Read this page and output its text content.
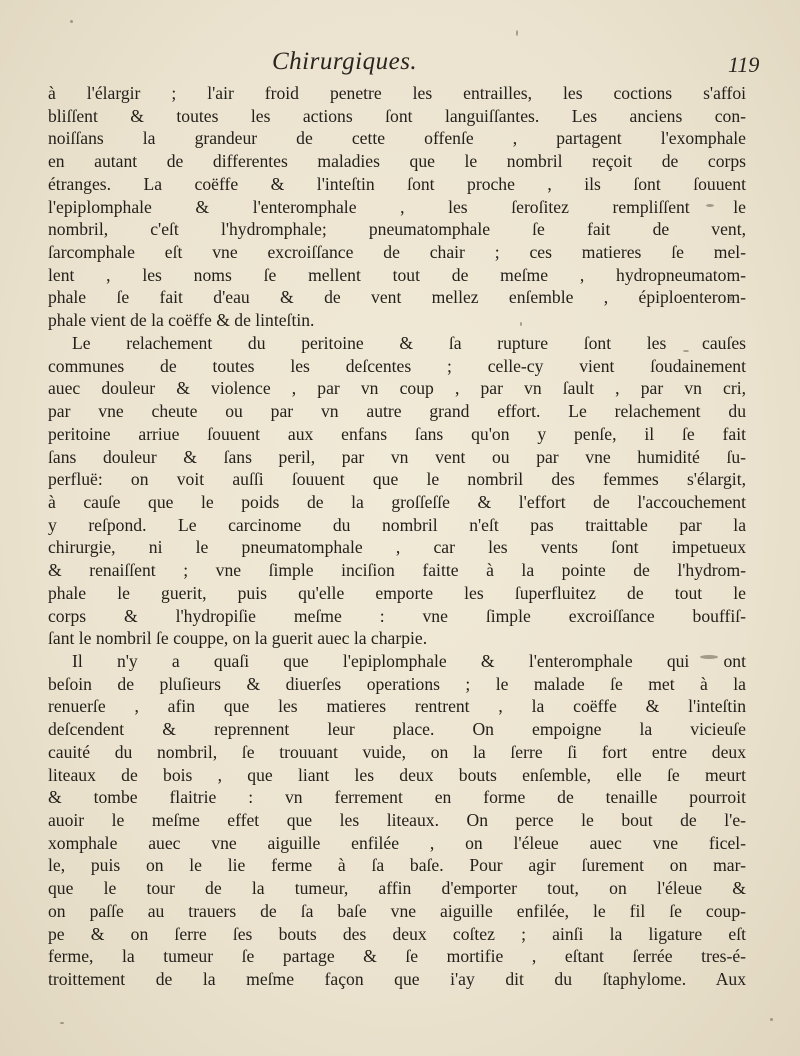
Chirurgiques.	119
à l'élargir ; l'air froid penetre les entrailles, les coctions s'affoi
bliſſent & toutes les actions ſont languiſſantes. Les anciens con-
noiſſans la grandeur de cette offenſe , partagent l'exomphale
en autant de differentes maladies que le nombril reçoit de corps
étranges. La coëffe & l'inteſtin ſont proche , ils ſont ſouuent
l'epiplomphale & l'enteromphale , les ſeroſitez rempliſſent le
nombril, c'eſt l'hydromphale; pneumatomphale ſe fait de vent,
ſarcomphale eſt vne excroiſſance de chair ; ces matieres ſe mel-
lent , les noms ſe mellent tout de meſme , hydropneumatom-
phale ſe fait d'eau & de vent mellez enſemble , épiploenterom-
phale vient de la coëffe & de linteſtin.
Le relachement du peritoine & ſa rupture ſont les cauſes
communes de toutes les deſcentes ; celle-cy vient ſoudainement
auec douleur & violence , par vn coup , par vn ſault , par vn cri,
par vne cheute ou par vn autre grand effort. Le relachement du
peritoine arriue ſouuent aux enfans ſans qu'on y penſe, il ſe fait
ſans douleur & ſans peril, par vn vent ou par vne humidité ſu-
perfluë: on voit auſſi ſouuent que le nombril des femmes s'élargit,
à cauſe que le poids de la groſſeſſe & l'effort de l'accouchement
y reſpond. Le carcinome du nombril n'eſt pas traittable par la
chirurgie, ni le pneumatomphale , car les vents ſont impetueux
& renaiſſent ; vne ſimple inciſion faitte à la pointe de l'hydrom-
phale le guerit, puis qu'elle emporte les ſuperfluitez de tout le
corps & l'hydropiſie meſme : vne ſimple excroiſſance bouffiſ-
ſant le nombril ſe couppe, on la guerit auec la charpie.
Il n'y a quaſi que l'epiplomphale & l'enteromphale qui ont
beſoin de pluſieurs & diuerſes operations ; le malade ſe met à la
renuerſe , afin que les matieres rentrent , la coëffe & l'inteſtin
deſcendent & reprennent leur place. On empoigne la vicieuſe
cauité du nombril, ſe trouuant vuide, on la ſerre ſi fort entre deux
liteaux de bois , que liant les deux bouts enſemble, elle ſe meurt
& tombe flaitrie : vn ferrement en forme de tenaille pourroit
auoir le meſme effet que les liteaux. On perce le bout de l'e-
xomphale auec vne aiguille enfilée , on l'éleue auec vne ficel-
le, puis on le lie ferme à ſa baſe. Pour agir ſurement on mar-
que le tour de la tumeur, affin d'emporter tout, on l'éleue &
on paſſe au trauers de ſa baſe vne aiguille enfilée, le fil ſe coup-
pe & on ſerre ſes bouts des deux coſtez ; ainſi la ligature eſt
ferme, la tumeur ſe partage & ſe mortifie , eſtant ſerrée tres-é-
troittement de la meſme façon que i'ay dit du ſtaphylome. Aux
